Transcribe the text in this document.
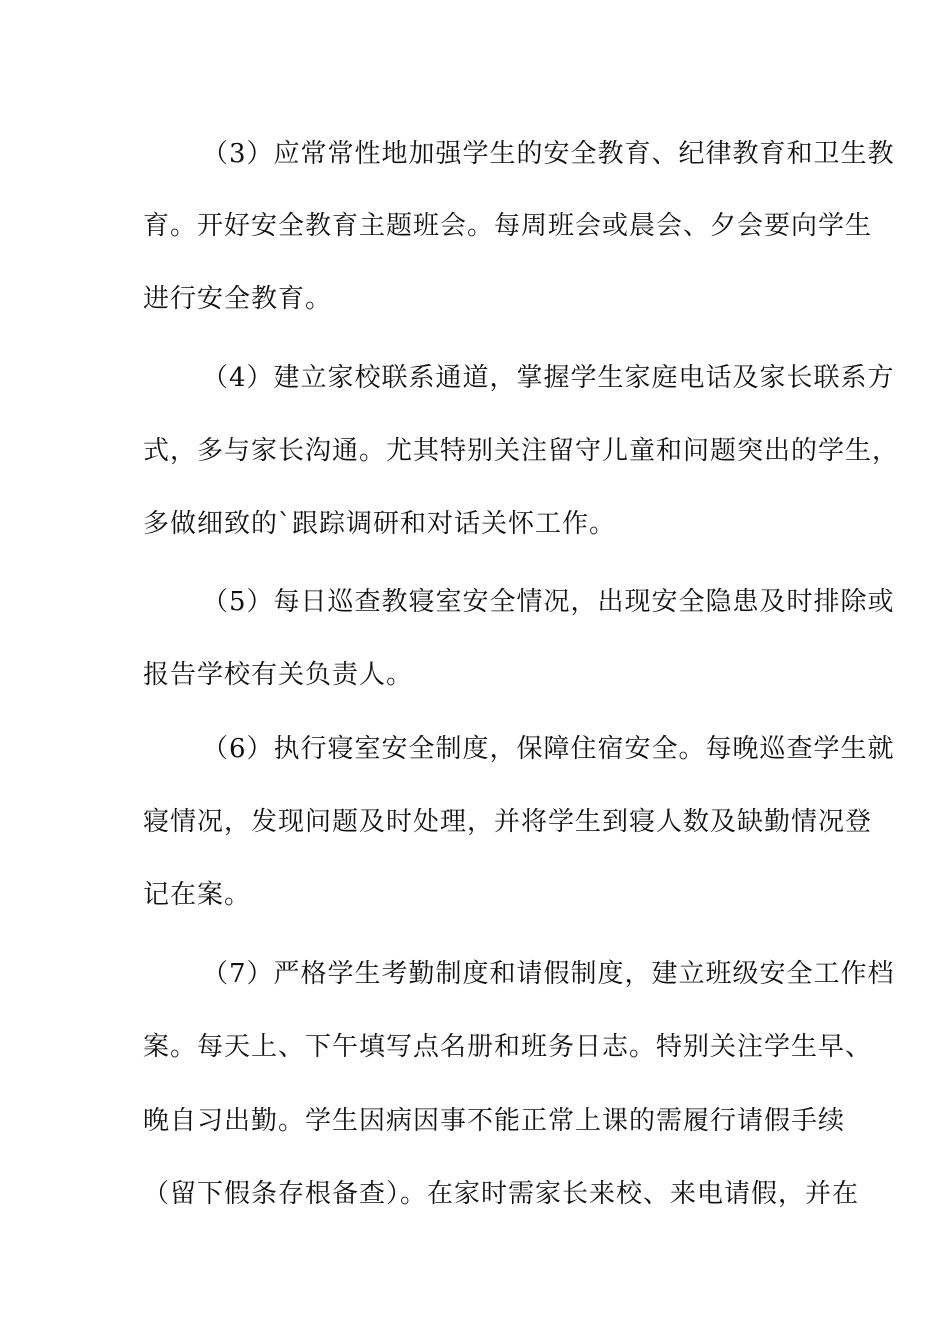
（3）应常常性地加强学生的安全教育、纪律教育和卫生教
育。开好安全教育主题班会。每周班会或晨会、夕会要向学生
进行安全教育。
（4）建立家校联系通道，掌握学生家庭电话及家长联系方
式，多与家长沟通。尤其特别关注留守儿童和问题突出的学生，
多做细致的`跟踪调研和对话关怀工作。
（5）每日巡查教寝室安全情况，出现安全隐患及时排除或
报告学校有关负责人。
（6）执行寝室安全制度，保障住宿安全。每晚巡查学生就
寝情况，发现问题及时处理，并将学生到寝人数及缺勤情况登
记在案。
（7）严格学生考勤制度和请假制度，建立班级安全工作档
案。每天上、下午填写点名册和班务日志。特别关注学生早、
晚自习出勤。学生因病因事不能正常上课的需履行请假手续
（留下假条存根备查）。在家时需家长来校、来电请假，并在
